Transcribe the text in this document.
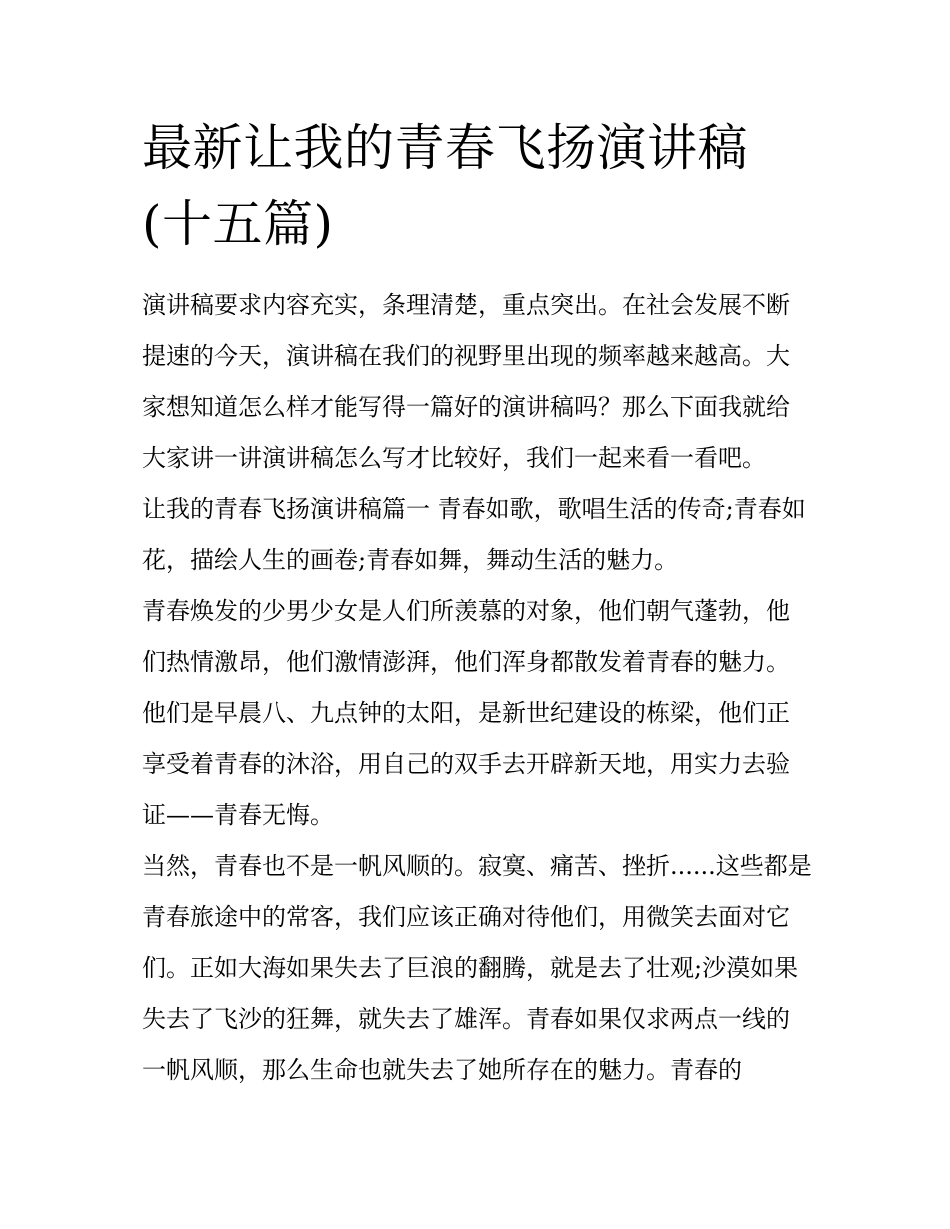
最新让我的青春飞扬演讲稿(十五篇)

演讲稿要求内容充实，条理清楚，重点突出。在社会发展不断提速的今天，演讲稿在我们的视野里出现的频率越来越高。大家想知道怎么样才能写得一篇好的演讲稿吗？那么下面我就给大家讲一讲演讲稿怎么写才比较好，我们一起来看一看吧。

让我的青春飞扬演讲稿篇一 青春如歌，歌唱生活的传奇;青春如花，描绘人生的画卷;青春如舞，舞动生活的魅力。

青春焕发的少男少女是人们所羡慕的对象，他们朝气蓬勃，他们热情激昂，他们激情澎湃，他们浑身都散发着青春的魅力。他们是早晨八、九点钟的太阳，是新世纪建设的栋梁，他们正享受着青春的沐浴，用自己的双手去开辟新天地，用实力去验证——青春无悔。

当然，青春也不是一帆风顺的。寂寞、痛苦、挫折......这些都是青春旅途中的常客，我们应该正确对待他们，用微笑去面对它们。正如大海如果失去了巨浪的翻腾，就是去了壮观;沙漠如果失去了飞沙的狂舞，就失去了雄浑。青春如果仅求两点一线的一帆风顺，那么生命也就失去了她所存在的魅力。青春的
